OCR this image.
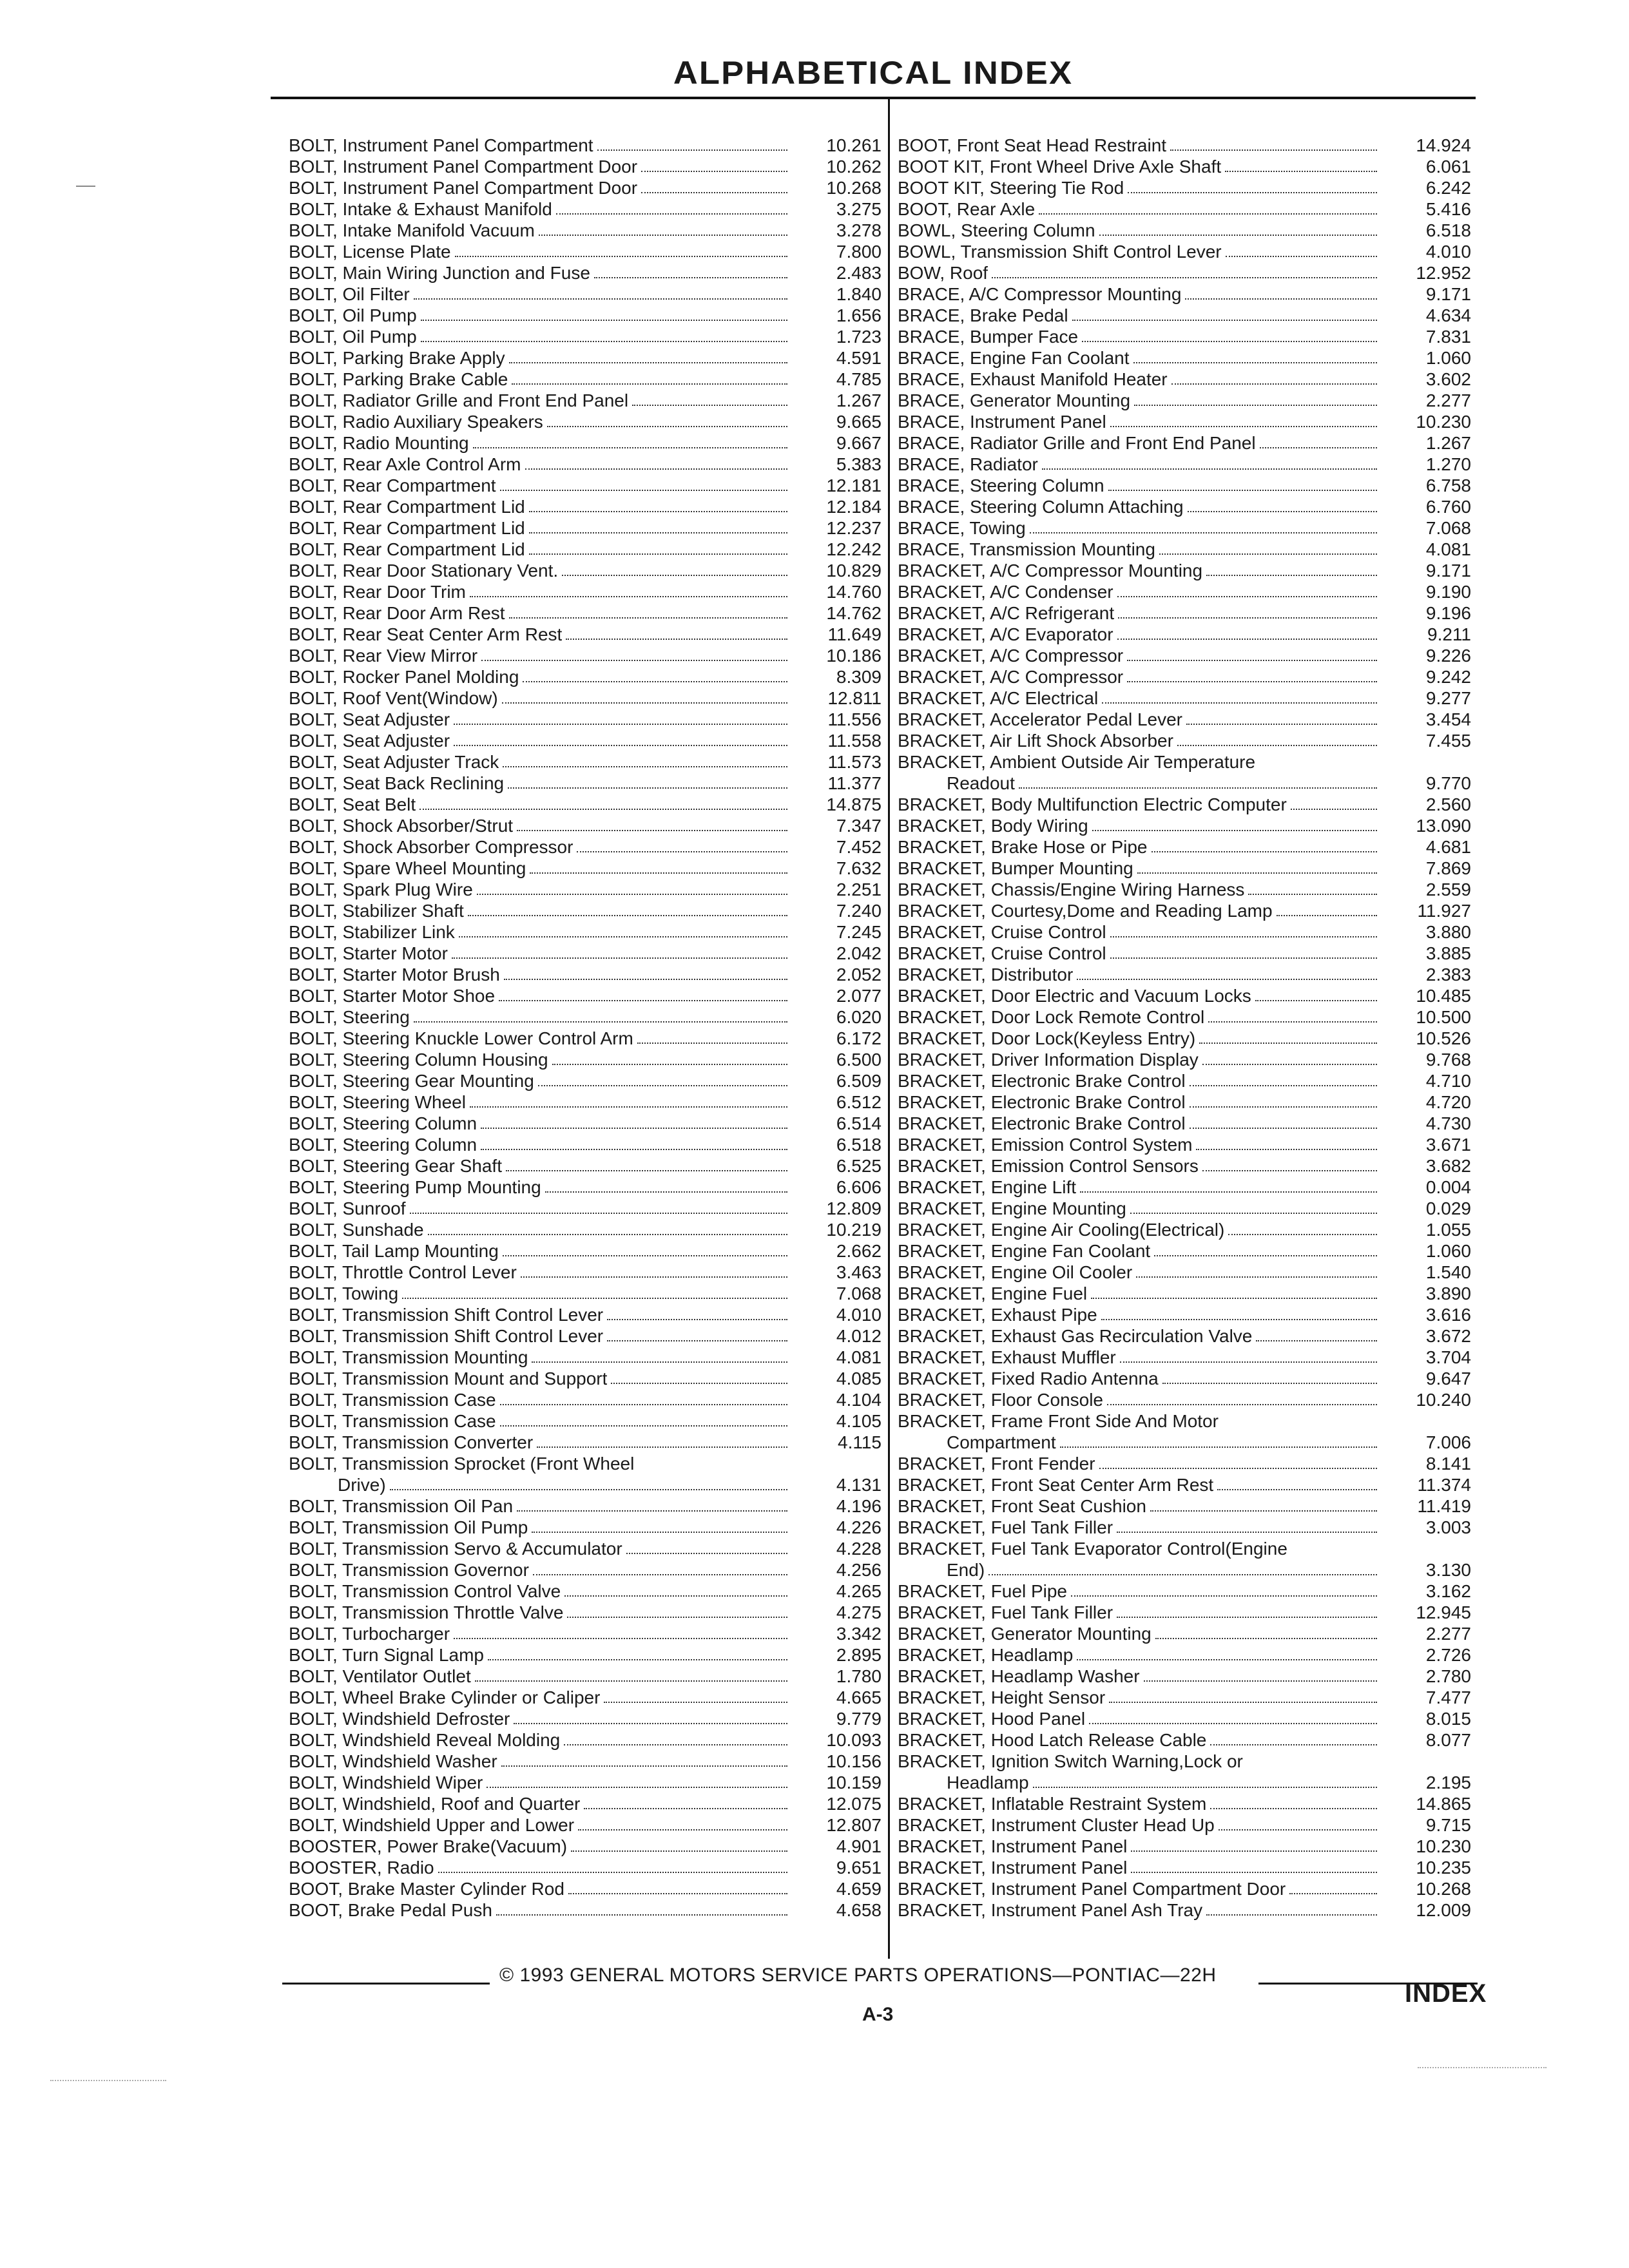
ALPHABETICAL INDEX
BOLT, Instrument Panel Compartment	10.261
BOLT, Instrument Panel Compartment Door	10.262
BOLT, Instrument Panel Compartment Door	10.268
BOLT, Intake & Exhaust Manifold	3.275
BOLT, Intake Manifold Vacuum	3.278
BOLT, License Plate	7.800
BOLT, Main Wiring Junction and Fuse	2.483
BOLT, Oil Filter	1.840
BOLT, Oil Pump	1.656
BOLT, Oil Pump	1.723
BOLT, Parking Brake Apply	4.591
BOLT, Parking Brake Cable	4.785
BOLT, Radiator Grille and Front End Panel	1.267
BOLT, Radio Auxiliary Speakers	9.665
BOLT, Radio Mounting	9.667
BOLT, Rear Axle Control Arm	5.383
BOLT, Rear Compartment	12.181
BOLT, Rear Compartment Lid	12.184
BOLT, Rear Compartment Lid	12.237
BOLT, Rear Compartment Lid	12.242
BOLT, Rear Door Stationary Vent.	10.829
BOLT, Rear Door Trim	14.760
BOLT, Rear Door Arm Rest	14.762
BOLT, Rear Seat Center Arm Rest	11.649
BOLT, Rear View Mirror	10.186
BOLT, Rocker Panel Molding	8.309
BOLT, Roof Vent(Window)	12.811
BOLT, Seat Adjuster	11.556
BOLT, Seat Adjuster	11.558
BOLT, Seat Adjuster Track	11.573
BOLT, Seat Back Reclining	11.377
BOLT, Seat Belt	14.875
BOLT, Shock Absorber/Strut	7.347
BOLT, Shock Absorber Compressor	7.452
BOLT, Spare Wheel Mounting	7.632
BOLT, Spark Plug Wire	2.251
BOLT, Stabilizer Shaft	7.240
BOLT, Stabilizer Link	7.245
BOLT, Starter Motor	2.042
BOLT, Starter Motor Brush	2.052
BOLT, Starter Motor Shoe	2.077
BOLT, Steering	6.020
BOLT, Steering Knuckle Lower Control Arm	6.172
BOLT, Steering Column Housing	6.500
BOLT, Steering Gear Mounting	6.509
BOLT, Steering Wheel	6.512
BOLT, Steering Column	6.514
BOLT, Steering Column	6.518
BOLT, Steering Gear Shaft	6.525
BOLT, Steering Pump Mounting	6.606
BOLT, Sunroof	12.809
BOLT, Sunshade	10.219
BOLT, Tail Lamp Mounting	2.662
BOLT, Throttle Control Lever	3.463
BOLT, Towing	7.068
BOLT, Transmission Shift Control Lever	4.010
BOLT, Transmission Shift Control Lever	4.012
BOLT, Transmission Mounting	4.081
BOLT, Transmission Mount and Support	4.085
BOLT, Transmission Case	4.104
BOLT, Transmission Case	4.105
BOLT, Transmission Converter	4.115
BOLT, Transmission Sprocket (Front Wheel
Drive)	4.131
BOLT, Transmission Oil Pan	4.196
BOLT, Transmission Oil Pump	4.226
BOLT, Transmission Servo & Accumulator	4.228
BOLT, Transmission Governor	4.256
BOLT, Transmission Control Valve	4.265
BOLT, Transmission Throttle Valve	4.275
BOLT, Turbocharger	3.342
BOLT, Turn Signal Lamp	2.895
BOLT, Ventilator Outlet	1.780
BOLT, Wheel Brake Cylinder or Caliper	4.665
BOLT, Windshield Defroster	9.779
BOLT, Windshield Reveal Molding	10.093
BOLT, Windshield Washer	10.156
BOLT, Windshield Wiper	10.159
BOLT, Windshield, Roof and Quarter	12.075
BOLT, Windshield Upper and Lower	12.807
BOOSTER, Power Brake(Vacuum)	4.901
BOOSTER, Radio	9.651
BOOT, Brake Master Cylinder Rod	4.659
BOOT, Brake Pedal Push	4.658
BOOT, Front Seat Head Restraint	14.924
BOOT KIT, Front Wheel Drive Axle Shaft	6.061
BOOT KIT, Steering Tie Rod	6.242
BOOT, Rear Axle	5.416
BOWL, Steering Column	6.518
BOWL, Transmission Shift Control Lever	4.010
BOW, Roof	12.952
BRACE, A/C Compressor Mounting	9.171
BRACE, Brake Pedal	4.634
BRACE, Bumper Face	7.831
BRACE, Engine Fan Coolant	1.060
BRACE, Exhaust Manifold Heater	3.602
BRACE, Generator Mounting	2.277
BRACE, Instrument Panel	10.230
BRACE, Radiator Grille and Front End Panel	1.267
BRACE, Radiator	1.270
BRACE, Steering Column	6.758
BRACE, Steering Column Attaching	6.760
BRACE, Towing	7.068
BRACE, Transmission Mounting	4.081
BRACKET, A/C Compressor Mounting	9.171
BRACKET, A/C Condenser	9.190
BRACKET, A/C Refrigerant	9.196
BRACKET, A/C Evaporator	9.211
BRACKET, A/C Compressor	9.226
BRACKET, A/C Compressor	9.242
BRACKET, A/C Electrical	9.277
BRACKET, Accelerator Pedal Lever	3.454
BRACKET, Air Lift Shock Absorber	7.455
BRACKET, Ambient Outside Air Temperature
Readout	9.770
BRACKET, Body Multifunction Electric Computer	2.560
BRACKET, Body Wiring	13.090
BRACKET, Brake Hose or Pipe	4.681
BRACKET, Bumper Mounting	7.869
BRACKET, Chassis/Engine Wiring Harness	2.559
BRACKET, Courtesy,Dome and Reading Lamp	11.927
BRACKET, Cruise Control	3.880
BRACKET, Cruise Control	3.885
BRACKET, Distributor	2.383
BRACKET, Door Electric and Vacuum Locks	10.485
BRACKET, Door Lock Remote Control	10.500
BRACKET, Door Lock(Keyless Entry)	10.526
BRACKET, Driver Information Display	9.768
BRACKET, Electronic Brake Control	4.710
BRACKET, Electronic Brake Control	4.720
BRACKET, Electronic Brake Control	4.730
BRACKET, Emission Control System	3.671
BRACKET, Emission Control Sensors	3.682
BRACKET, Engine Lift	0.004
BRACKET, Engine Mounting	0.029
BRACKET, Engine Air Cooling(Electrical)	1.055
BRACKET, Engine Fan Coolant	1.060
BRACKET, Engine Oil Cooler	1.540
BRACKET, Engine Fuel	3.890
BRACKET, Exhaust Pipe	3.616
BRACKET, Exhaust Gas Recirculation Valve	3.672
BRACKET, Exhaust Muffler	3.704
BRACKET, Fixed Radio Antenna	9.647
BRACKET, Floor Console	10.240
BRACKET, Frame Front Side And Motor
Compartment	7.006
BRACKET, Front Fender	8.141
BRACKET, Front Seat Center Arm Rest	11.374
BRACKET, Front Seat Cushion	11.419
BRACKET, Fuel Tank Filler	3.003
BRACKET, Fuel Tank Evaporator Control(Engine
End)	3.130
BRACKET, Fuel Pipe	3.162
BRACKET, Fuel Tank Filler	12.945
BRACKET, Generator Mounting	2.277
BRACKET, Headlamp	2.726
BRACKET, Headlamp Washer	2.780
BRACKET, Height Sensor	7.477
BRACKET, Hood Panel	8.015
BRACKET, Hood Latch Release Cable	8.077
BRACKET, Ignition Switch Warning,Lock or
Headlamp	2.195
BRACKET, Inflatable Restraint System	14.865
BRACKET, Instrument Cluster Head Up	9.715
BRACKET, Instrument Panel	10.230
BRACKET, Instrument Panel	10.235
BRACKET, Instrument Panel Compartment Door	10.268
BRACKET, Instrument Panel Ash Tray	12.009
© 1993 GENERAL MOTORS SERVICE PARTS OPERATIONS—PONTIAC—22H
A-3
INDEX
